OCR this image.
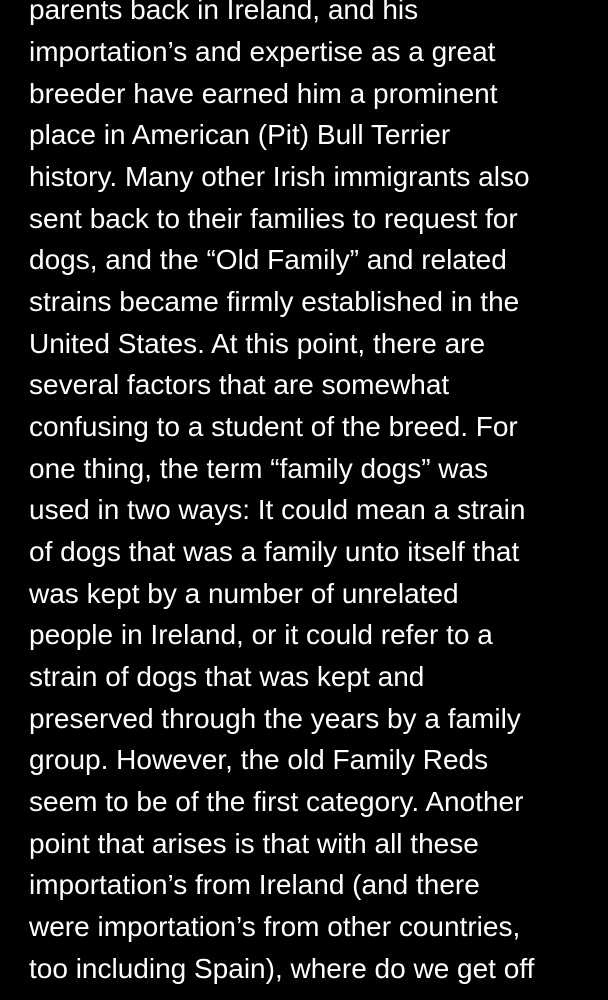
parents back in Ireland, and his
importation’s and expertise as a great
breeder have earned him a prominent
place in American (Pit) Bull Terrier
history. Many other Irish immigrants also
sent back to their families to request for
dogs, and the “Old Family” and related
strains became firmly established in the
United States. At this point, there are
several factors that are somewhat
confusing to a student of the breed. For
one thing, the term “family dogs” was
used in two ways: It could mean a strain
of dogs that was a family unto itself that
was kept by a number of unrelated
people in Ireland, or it could refer to a
strain of dogs that was kept and
preserved through the years by a family
group. However, the old Family Reds
seem to be of the first category. Another
point that arises is that with all these
importation’s from Ireland (and there
were importation’s from other countries,
too including Spain), where do we get off
